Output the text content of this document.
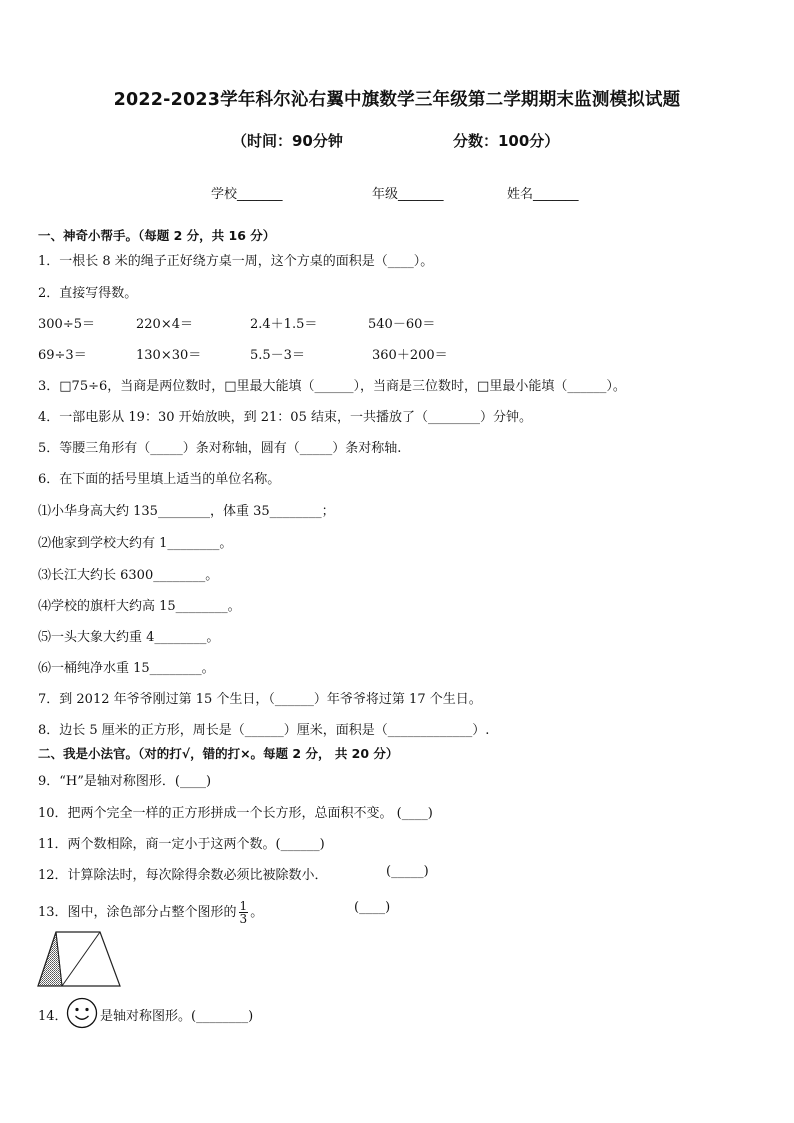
2022-2023学年科尔沁右翼中旗数学三年级第二学期期末监测模拟试题
（时间：90分钟	分数：100分）
学校_______	年级_______	姓名_______
一、神奇小帮手。（每题 2 分，共 16 分）
1．一根长 8 米的绳子正好绕方桌一周，这个方桌的面积是（____）。
2．直接写得数。
300÷5＝	220×4＝	2.4＋1.5＝	540－60＝
69÷3＝	130×30＝	5.5－3＝	360＋200＝
3．□75÷6，当商是两位数时，□里最大能填（______），当商是三位数时，□里最小能填（______）。
4．一部电影从 19：30 开始放映，到 21：05 结束，一共播放了（________）分钟。
5．等腰三角形有（_____）条对称轴，圆有（_____）条对称轴.
6．在下面的括号里填上适当的单位名称。
⑴小华身高大约 135________，体重 35________；
⑵他家到学校大约有 1________。
⑶长江大约长 6300________。
⑷学校的旗杆大约高 15________。
⑸一头大象大约重 4________。
⑹一桶纯净水重 15________。
7．到 2012 年爷爷刚过第 15 个生日，（______）年爷爷将过第 17 个生日。
8．边长 5 厘米的正方形，周长是（______）厘米，面积是（_____________）.
二、我是小法官。（对的打√，错的打×。每题 2 分， 共 20 分）
9．“H”是轴对称图形．(____)
10．把两个完全一样的正方形拼成一个长方形，总面积不变。 (____)
11．两个数相除，商一定小于这两个数。(______)
12．计算除法时，每次除得余数必须比被除数小．	(_____)
13．图中，涂色部分占整个图形的 $\frac{1}{3}$ 。	(____)
14． 是轴对称图形。(________)
